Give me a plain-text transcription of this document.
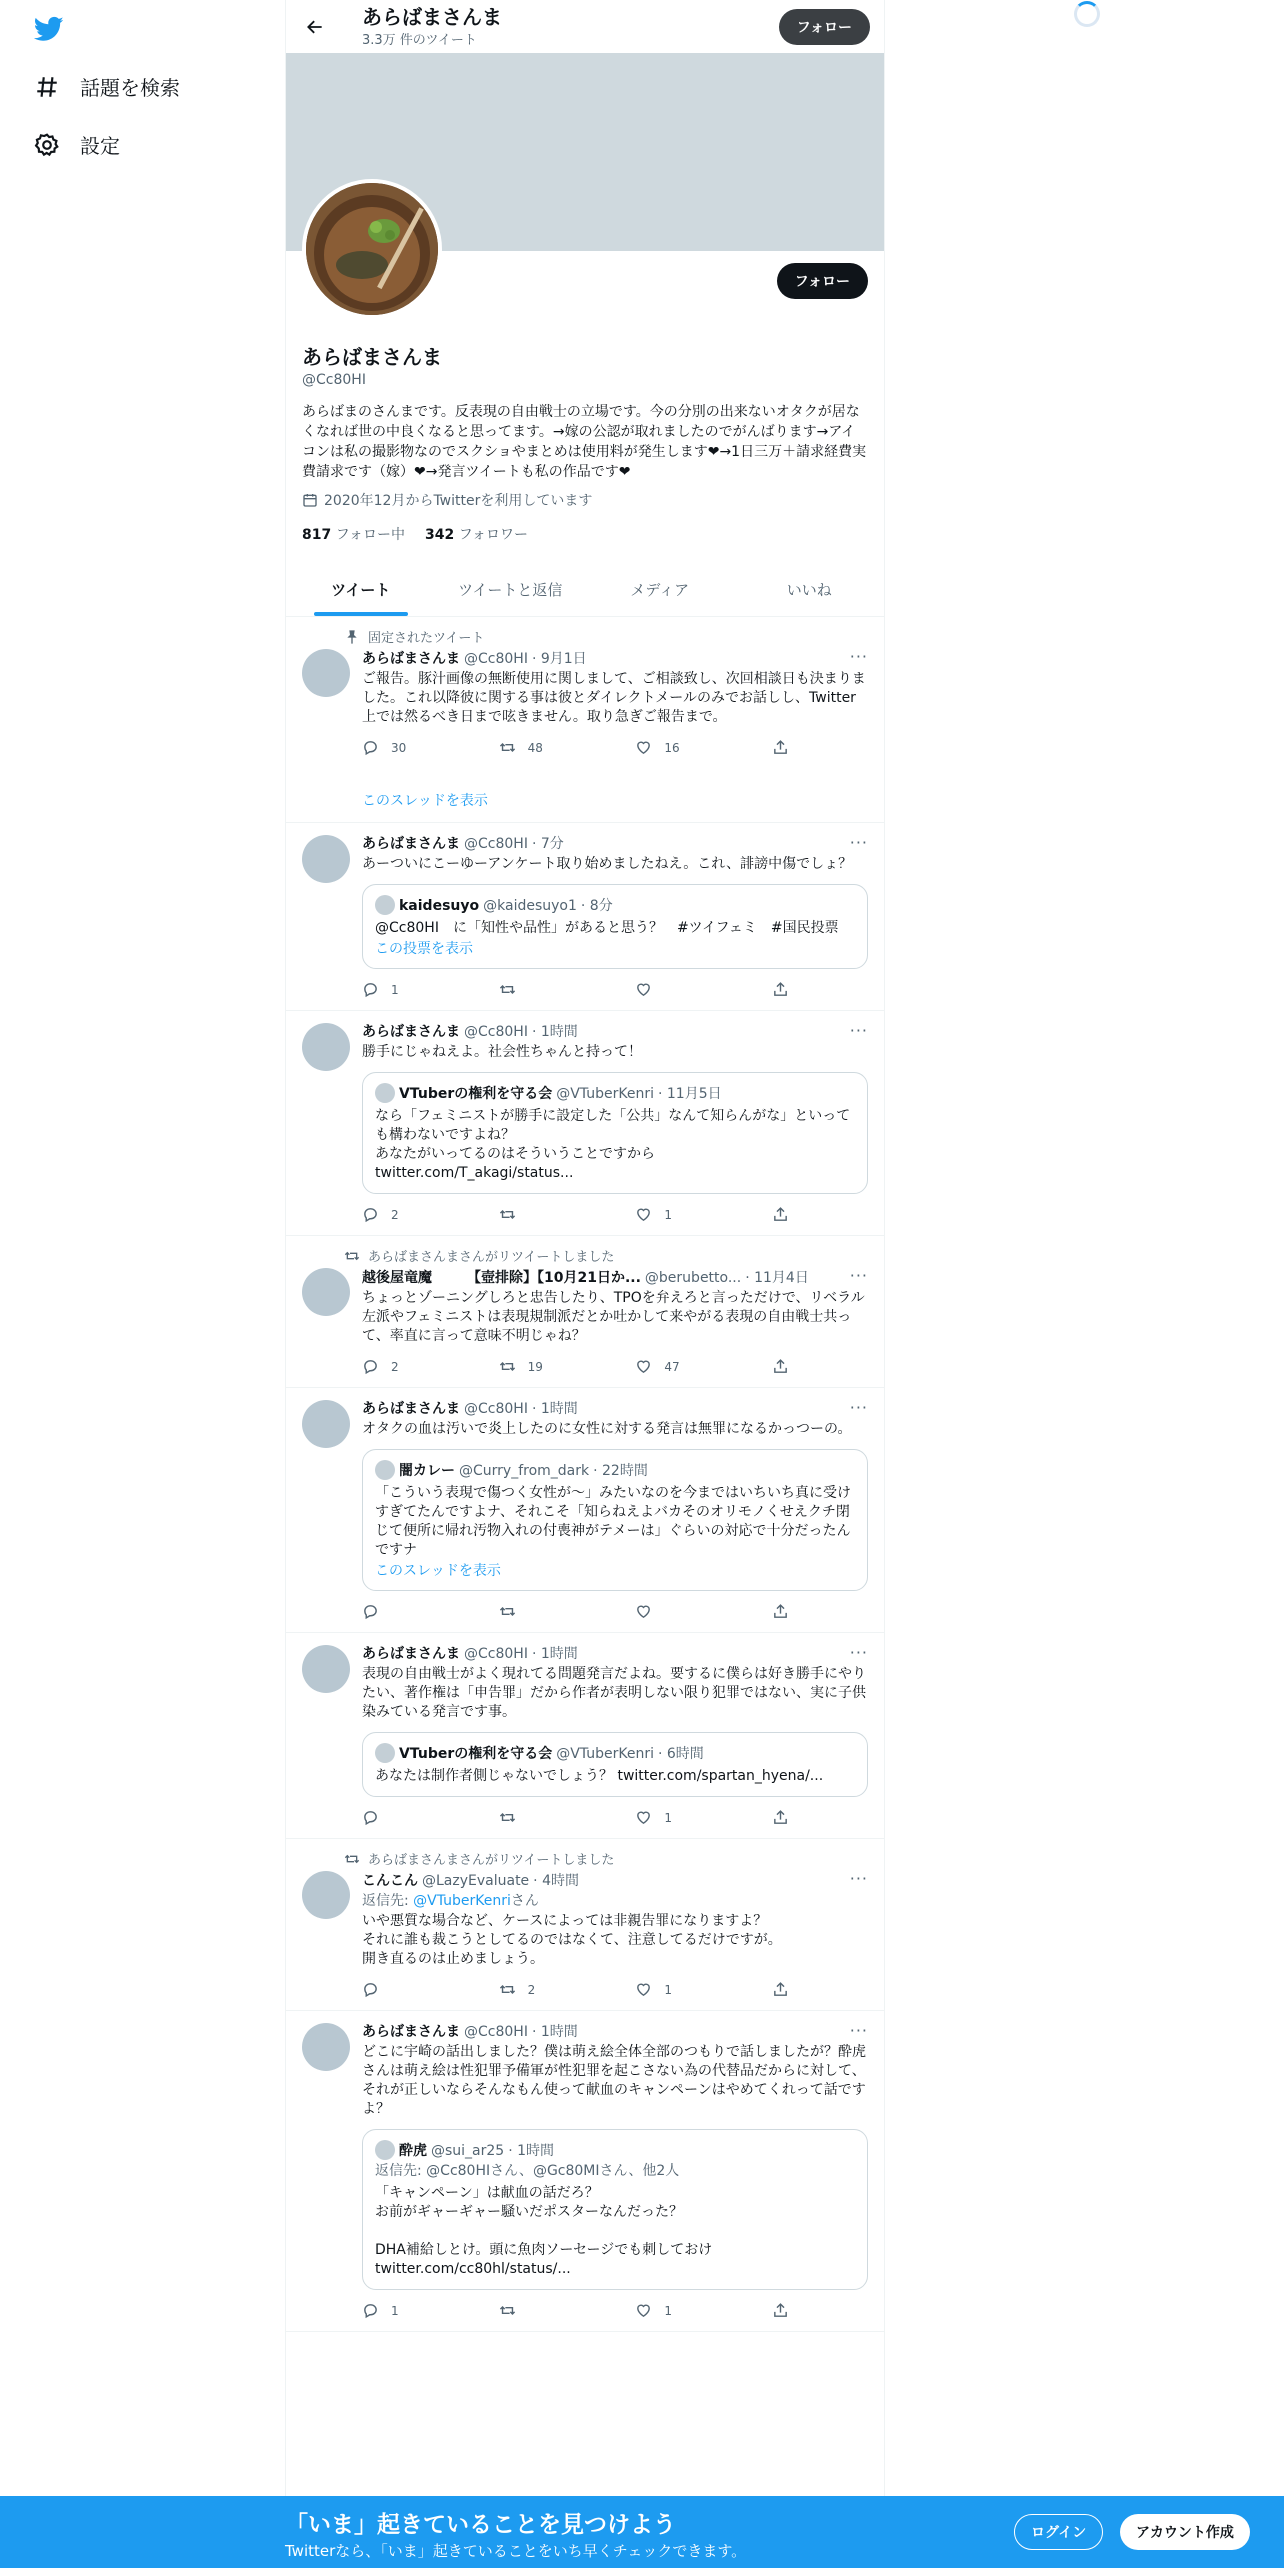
話題を検索
設定
あらばまさんま
3.3万 件のツイート
フォロー
フォロー
あらばまさんま
@Cc80HI
あらばまのさんまです。反表現の自由戦士の立場です。今の分別の出来ないオタクが居なくなれば世の中良くなると思ってます。→嫁の公認が取れましたのでがんばります→アイコンは私の撮影物なのでスクショやまとめは使用料が発生します❤→1日三万＋請求経費実費請求です（嫁）❤→発言ツイートも私の作品です❤
2020年12月からTwitterを利用しています
817 フォロー中 342 フォロワー
ツイート	ツイートと返信	メディア	いいね
固定されたツイート
···
あらばまさんま @Cc80HI · 9月1日
ご報告。豚汁画像の無断使用に関しまして、ご相談致し、次回相談日も決まりました。これ以降彼に関する事は彼とダイレクトメールのみでお話しし、Twitter上では然るべき日まで呟きません。取り急ぎご報告まで。
30	48	16
このスレッドを表示
···
あらばまさんま @Cc80HI · 7分
あーついにこーゆーアンケート取り始めましたねえ。これ、誹謗中傷でしょ？
kaidesuyo @kaidesuyo1 · 8分
@Cc80HI　に「知性や品性」があると思う？　#ツイフェミ　#国民投票
この投票を表示
1
···
あらばまさんま @Cc80HI · 1時間
勝手にじゃねえよ。社会性ちゃんと持って！
VTuberの権利を守る会 @VTuberKenri · 11月5日
なら「フェミニストが勝手に設定した「公共」なんて知らんがな」といっても構わないですよね？
あなたがいってるのはそういうことですから
twitter.com/T_akagi/status...
2	1
あらばまさんまさんがリツイートしました
···
越後屋竜魔　　　【壺排除】【10月21日か... @berubetto... · 11月4日
ちょっとゾーニングしろと忠告したり、TPOを弁えろと言っただけで、リベラル左派やフェミニストは表現規制派だとか吐かして来やがる表現の自由戦士共って、率直に言って意味不明じゃね？
2	19	47
···
あらばまさんま @Cc80HI · 1時間
オタクの血は汚いで炎上したのに女性に対する発言は無罪になるかっつーの。
闇カレー @Curry_from_dark · 22時間
「こういう表現で傷つく女性が～」みたいなのを今まではいちいち真に受けすぎてたんですよナ、それこそ「知らねえよバカそのオリモノくせえクチ閉じて便所に帰れ汚物入れの付喪神がテメーは」ぐらいの対応で十分だったんですナ
このスレッドを表示
···
あらばまさんま @Cc80HI · 1時間
表現の自由戦士がよく現れてる問題発言だよね。要するに僕らは好き勝手にやりたい、著作権は「申告罪」だから作者が表明しない限り犯罪ではない、実に子供染みている発言です事。
VTuberの権利を守る会 @VTuberKenri · 6時間
あなたは制作者側じゃないでしょう？ twitter.com/spartan_hyena/...
1
あらばまさんまさんがリツイートしました
···
こんこん @LazyEvaluate · 4時間
返信先: @VTuberKenriさん
いや悪質な場合など、ケースによっては非親告罪になりますよ？
それに誰も裁こうとしてるのではなくて、注意してるだけですが。
開き直るのは止めましょう。
2	1
···
あらばまさんま @Cc80HI · 1時間
どこに宇崎の話出しました？僕は萌え絵全体全部のつもりで話しましたが？酔虎さんは萌え絵は性犯罪予備軍が性犯罪を起こさない為の代替品だからに対して、それが正しいならそんなもん使って献血のキャンペーンはやめてくれって話ですよ？
酔虎 @sui_ar25 · 1時間
返信先: @Cc80HIさん、@Gc80MIさん、他2人
「キャンペーン」は献血の話だろ？
お前がギャーギャー騒いだポスターなんだった？

DHA補給しとけ。頭に魚肉ソーセージでも刺しておけ
twitter.com/cc80hl/status/...
1	1
「いま」起きていることを見つけよう
Twitterなら、「いま」起きていることをいち早くチェックできます。
ログイン	アカウント作成
